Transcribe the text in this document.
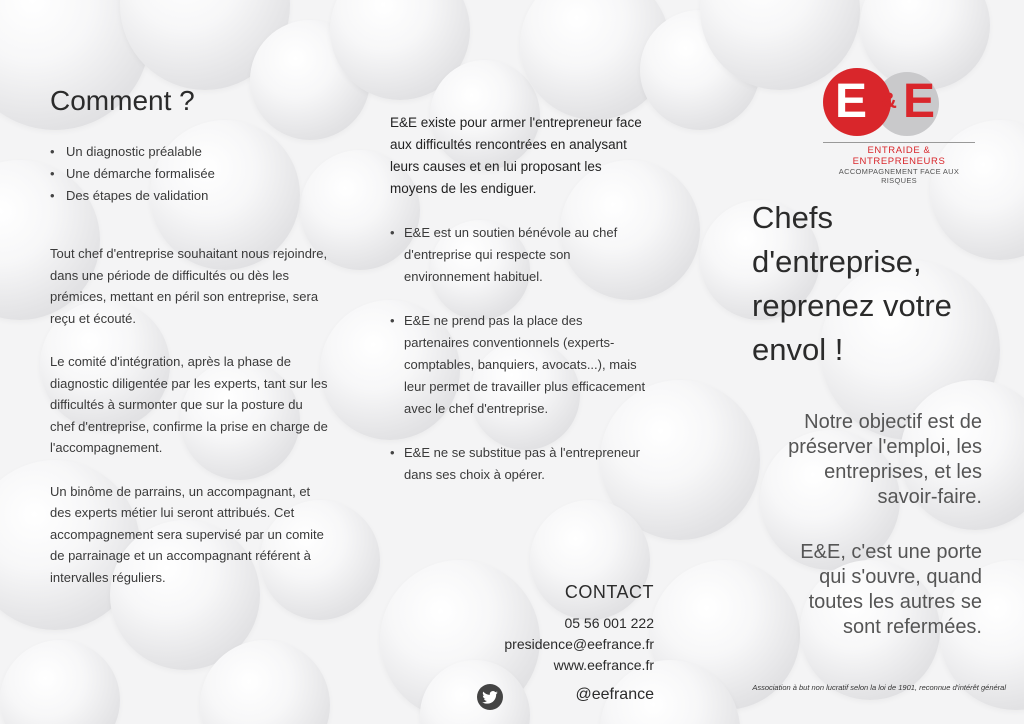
Comment ?
• Un diagnostic préalable
• Une démarche formalisée
• Des étapes de validation

Tout chef d'entreprise souhaitant nous rejoindre, dans une période de difficultés ou dès les prémices, mettant en péril son entreprise, sera reçu et écouté.

Le comité d'intégration, après la phase de diagnostic diligentée par les experts, tant sur les difficultés à surmonter que sur la posture du chef d'entreprise, confirme la prise en charge de l'accompagnement.

Un binôme de parrains, un accompagnant, et des experts métier lui seront attribués. Cet accompagnement sera supervisé par un comite de parrainage et un accompagnant référent à intervalles réguliers.

E&E existe pour armer l'entrepreneur face aux difficultés rencontrées en analysant leurs causes et en lui proposant les moyens de les endiguer.

• E&E est un soutien bénévole au chef d'entreprise qui respecte son environnement habituel.
• E&E ne prend pas la place des partenaires conventionnels (experts-comptables, banquiers, avocats...), mais leur permet de travailler plus efficacement avec le chef d'entreprise.
• E&E ne se substitue pas à l'entrepreneur dans ses choix à opérer.
CONTACT
05 56 001 222
presidence@eefrance.fr
www.eefrance.fr
@eefrance
E & E
ENTRAIDE & ENTREPRENEURS
ACCOMPAGNEMENT FACE AUX RISQUES
Chefs d'entreprise, reprenez votre envol !
Notre objectif est de préserver l'emploi, les entreprises, et les savoir-faire.
E&E, c'est une porte qui s'ouvre, quand toutes les autres se sont refermées.
Association à but non lucratif selon la loi de 1901, reconnue d'intérêt général
